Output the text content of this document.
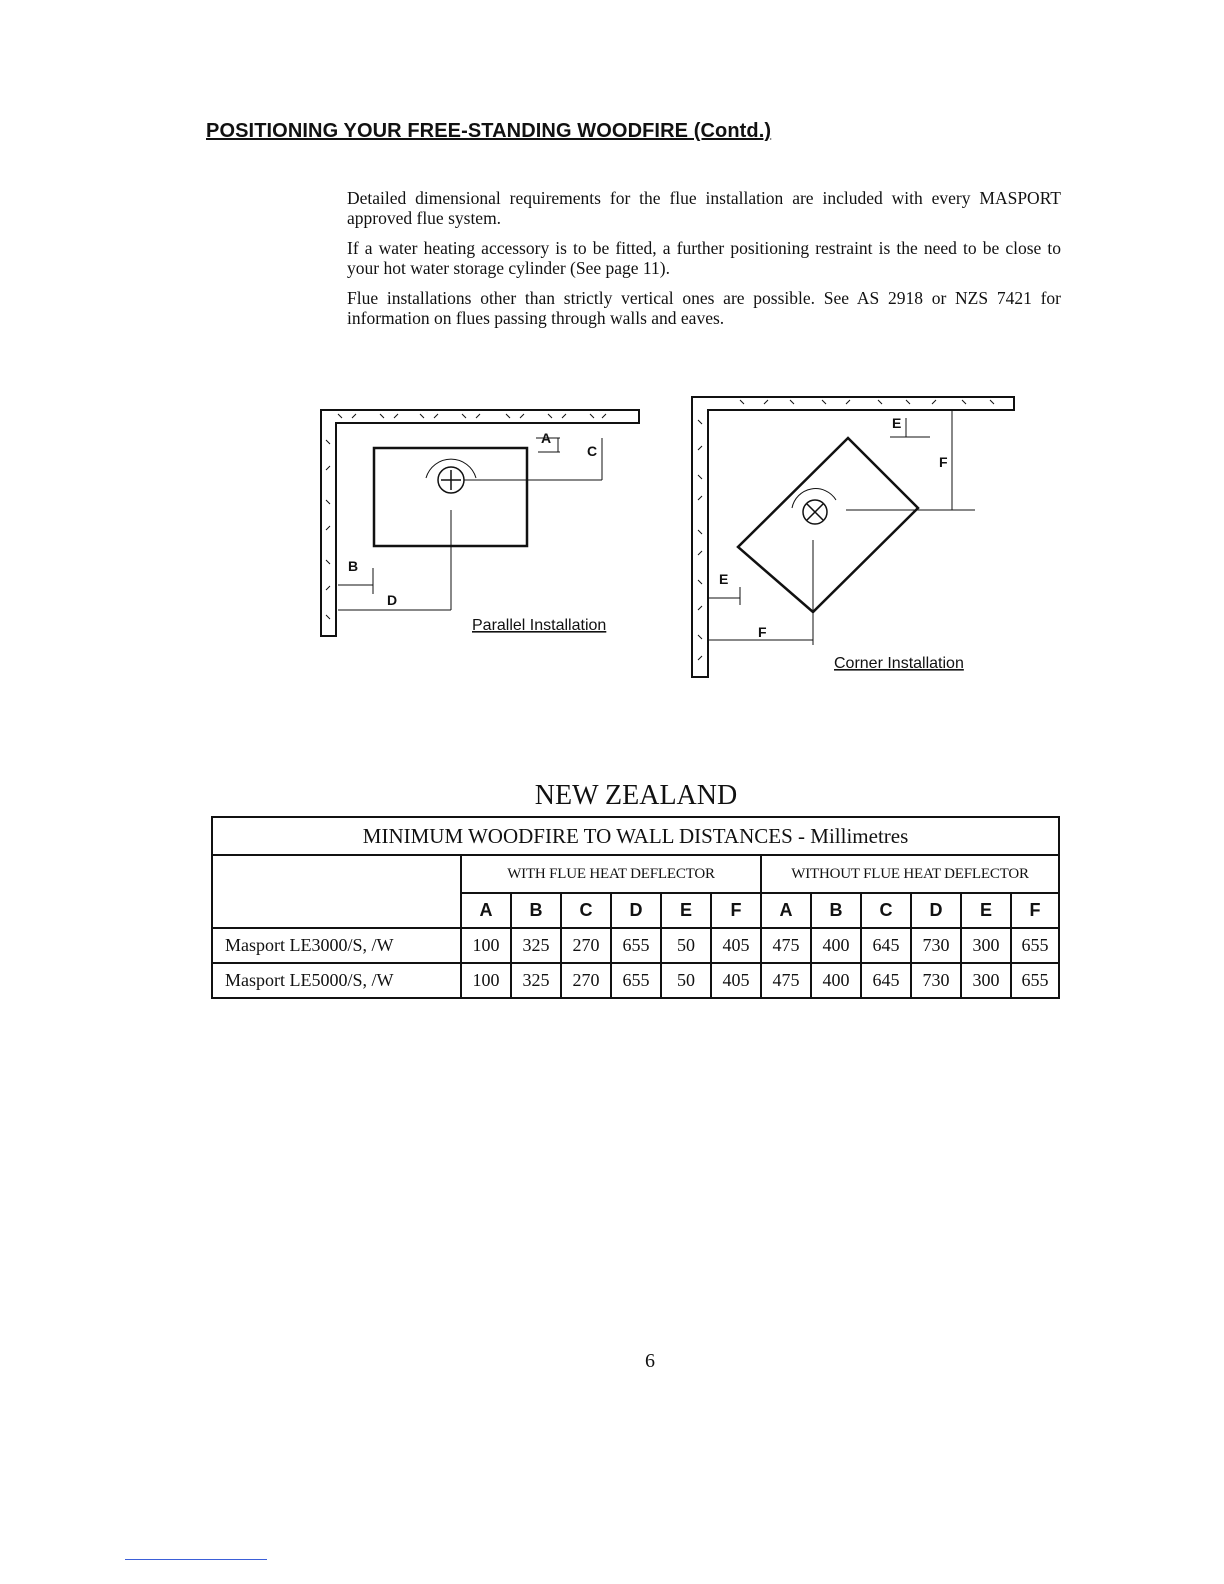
POSITIONING YOUR FREE-STANDING WOODFIRE (Contd.)

Detailed dimensional requirements for the flue installation are included with every MASPORT approved flue system.

If a water heating accessory is to be fitted, a further positioning restraint is the need to be close to your hot water storage cylinder (See page 11).

Flue installations other than strictly vertical ones are possible. See AS 2918 or NZS 7421 for information on flues passing through walls and eaves.

A
C
B
D
Parallel Installation
E
F
E
F
Corner Installation

NEW ZEALAND

MINIMUM WOODFIRE TO WALL DISTANCES - Millimetres												
	WITH FLUE HEAT DEFLECTOR						WITHOUT FLUE HEAT DEFLECTOR					
	A	B	C	D	E	F	A	B	C	D	E	F
Masport LE3000/S, /W	100	325	270	655	50	405	475	400	645	730	300	655
Masport LE5000/S, /W	100	325	270	655	50	405	475	400	645	730	300	655

6
